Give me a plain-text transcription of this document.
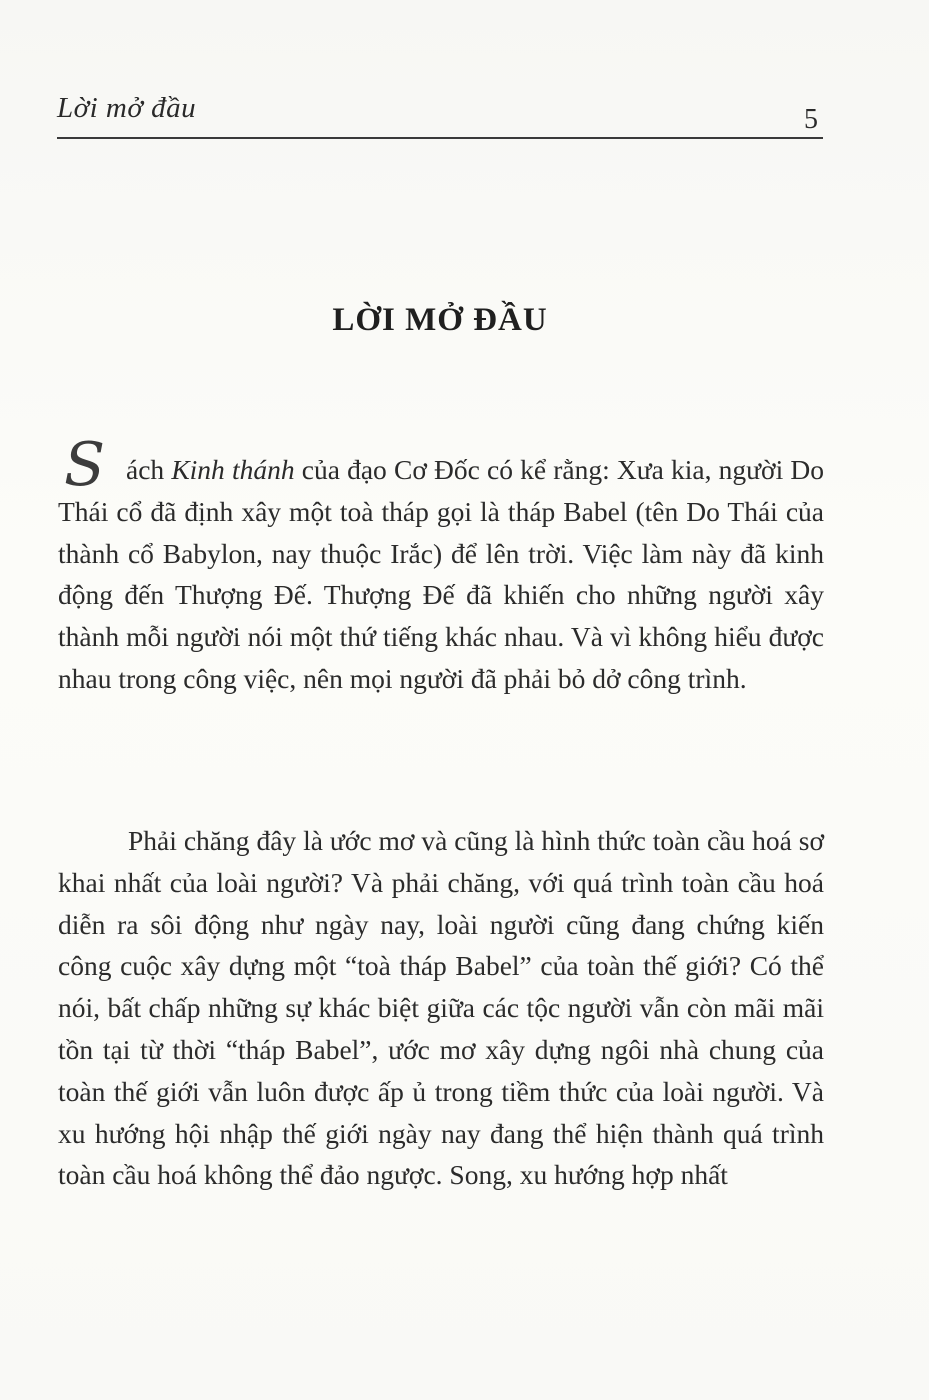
Lời mở đầu	5
LỜI MỞ ĐẦU
Sách Kinh thánh của đạo Cơ Đốc có kể rằng: Xưa kia, người Do Thái cổ đã định xây một toà tháp gọi là tháp Babel (tên Do Thái của thành cổ Babylon, nay thuộc Irắc) để lên trời. Việc làm này đã kinh động đến Thượng Đế. Thượng Đế đã khiến cho những người xây thành mỗi người nói một thứ tiếng khác nhau. Và vì không hiểu được nhau trong công việc, nên mọi người đã phải bỏ dở công trình.
Phải chăng đây là ước mơ và cũng là hình thức toàn cầu hoá sơ khai nhất của loài người? Và phải chăng, với quá trình toàn cầu hoá diễn ra sôi động như ngày nay, loài người cũng đang chứng kiến công cuộc xây dựng một “toà tháp Babel” của toàn thế giới? Có thể nói, bất chấp những sự khác biệt giữa các tộc người vẫn còn mãi mãi tồn tại từ thời “tháp Babel”, ước mơ xây dựng ngôi nhà chung của toàn thế giới vẫn luôn được ấp ủ trong tiềm thức của loài người. Và xu hướng hội nhập thế giới ngày nay đang thể hiện thành quá trình toàn cầu hoá không thể đảo ngược. Song, xu hướng hợp nhất
